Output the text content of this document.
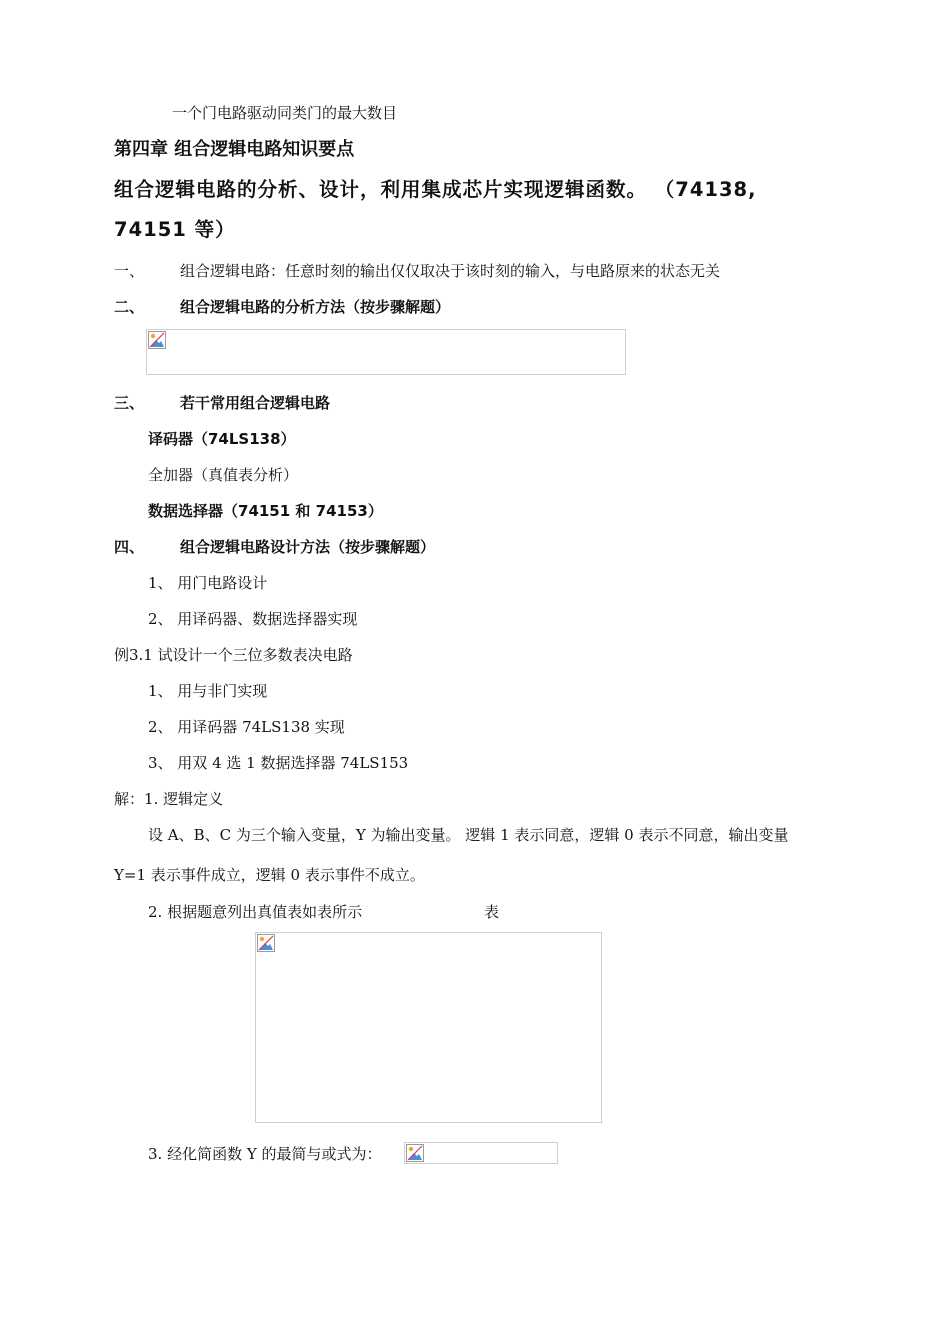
一个门电路驱动同类门的最大数目
第四章 组合逻辑电路知识要点
组合逻辑电路的分析、设计，利用集成芯片实现逻辑函数。 （74138,
74151 等）
一、 组合逻辑电路：任意时刻的输出仅仅取决于该时刻的输入，与电路原来的状态无关
二、 组合逻辑电路的分析方法（按步骤解题）
三、 若干常用组合逻辑电路
译码器（74LS138）
全加器（真值表分析）
数据选择器（74151 和 74153）
四、 组合逻辑电路设计方法（按步骤解题）
1、 用门电路设计
2、 用译码器、数据选择器实现
例3.1 试设计一个三位多数表决电路
1、 用与非门实现
2、 用译码器 74LS138 实现
3、 用双 4 选 1 数据选择器 74LS153
解：1. 逻辑定义
设 A、B、C 为三个输入变量，Y 为输出变量。 逻辑 1 表示同意，逻辑 0 表示不同意，输出变量
Y=1 表示事件成立，逻辑 0 表示事件不成立。
2. 根据题意列出真值表如表所示	表
3. 经化简函数 Y 的最简与或式为：
